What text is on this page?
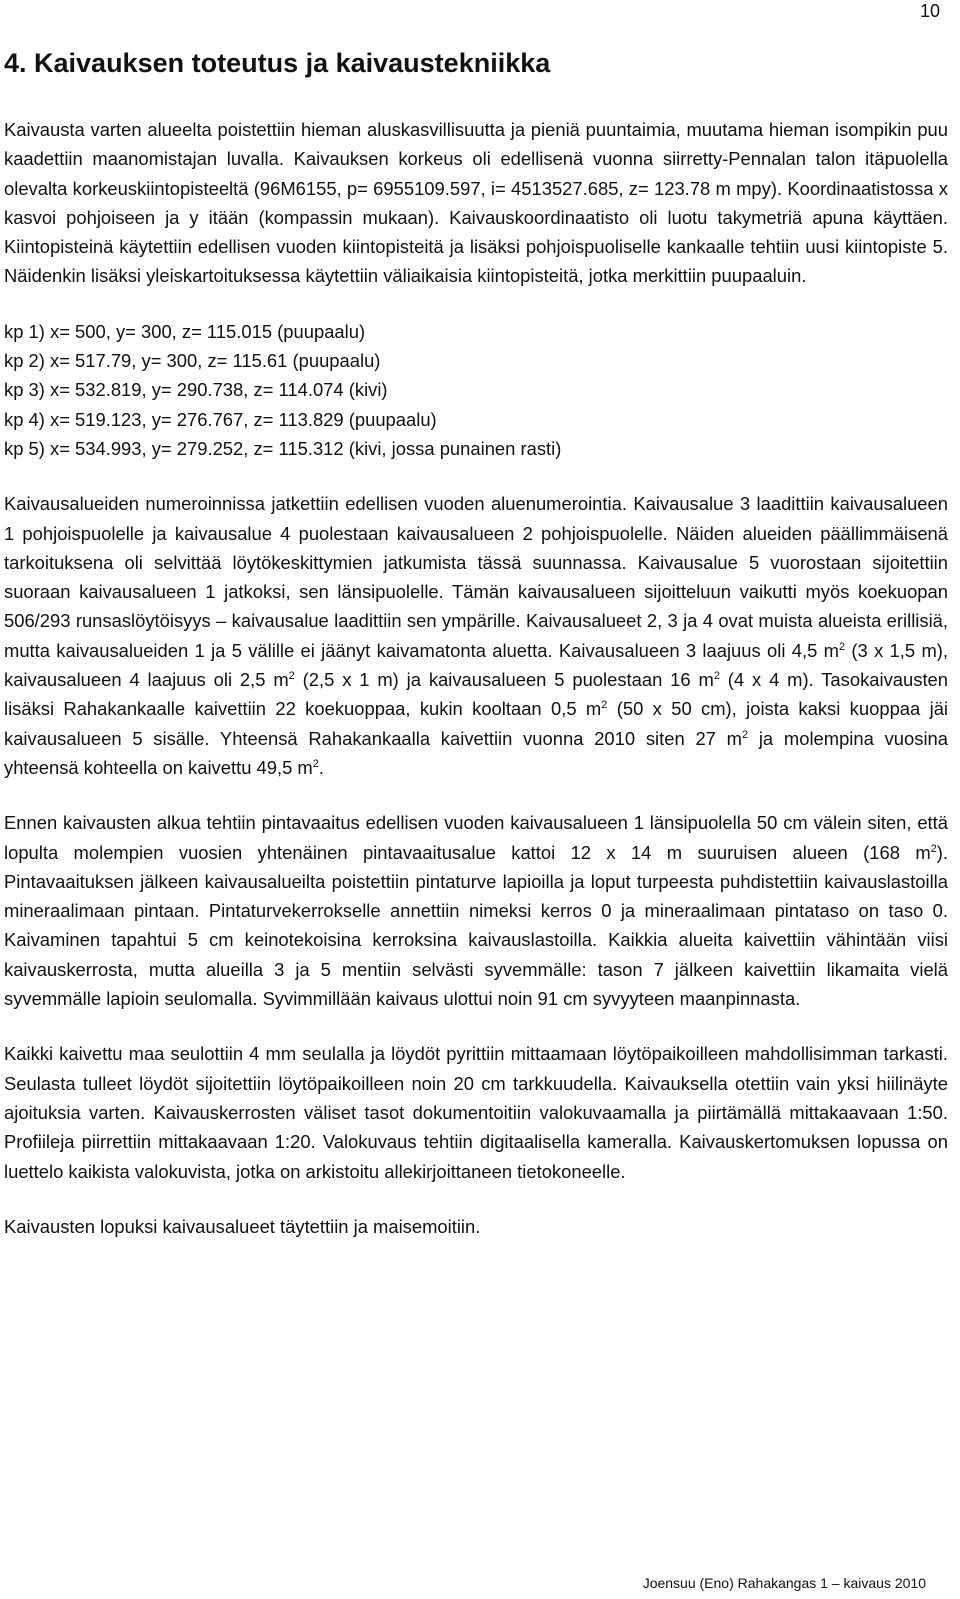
10
4. Kaivauksen toteutus ja kaivaustekniikka

Kaivausta varten alueelta poistettiin hieman aluskasvillisuutta ja pieniä puuntaimia, muutama hieman isompikin puu kaadettiin maanomistajan luvalla. Kaivauksen korkeus oli edellisenä vuonna siirretty-Pennalan talon itäpuolella olevalta korkeuskiintopisteeltä (96M6155, p= 6955109.597, i= 4513527.685, z= 123.78 m mpy). Koordinaatistossa x kasvoi pohjoiseen ja y itään (kompassin mukaan). Kaivauskoordinaatisto oli luotu takymetriä apuna käyttäen. Kiintopisteinä käytettiin edellisen vuoden kiintopisteitä ja lisäksi pohjoispuoliselle kankaalle tehtiin uusi kiintopiste 5. Näidenkin lisäksi yleiskartoituksessa käytettiin väliaikaisia kiintopisteitä, jotka merkittiin puupaaluin.

kp 1) x= 500, y= 300, z= 115.015 (puupaalu)
kp 2) x= 517.79, y= 300, z= 115.61 (puupaalu)
kp 3) x= 532.819, y= 290.738, z= 114.074 (kivi)
kp 4) x= 519.123, y= 276.767, z= 113.829 (puupaalu)
kp 5) x= 534.993, y= 279.252, z= 115.312 (kivi, jossa punainen rasti)

Kaivausalueiden numeroinnissa jatkettiin edellisen vuoden aluenumerointia. Kaivausalue 3 laadittiin kaivausalueen 1 pohjoispuolelle ja kaivausalue 4 puolestaan kaivausalueen 2 pohjoispuolelle. Näiden alueiden päällimmäisenä tarkoituksena oli selvittää löytökeskittymien jatkumista tässä suunnassa. Kaivausalue 5 vuorostaan sijoitettiin suoraan kaivausalueen 1 jatkoksi, sen länsipuolelle. Tämän kaivausalueen sijoitteluun vaikutti myös koekuopan 506/293 runsaslöytöisyys – kaivausalue laadittiin sen ympärille. Kaivausalueet 2, 3 ja 4 ovat muista alueista erillisiä, mutta kaivausalueiden 1 ja 5 välille ei jäänyt kaivamatonta aluetta. Kaivausalueen 3 laajuus oli 4,5 $m^2$ (3 x 1,5 m), kaivausalueen 4 laajuus oli 2,5 $m^2$ (2,5 x 1 m) ja kaivausalueen 5 puolestaan 16 $m^2$ (4 x 4 m). Tasokaivausten lisäksi Rahakankaalle kaivettiin 22 koekuoppaa, kukin kooltaan 0,5 $m^2$ (50 x 50 cm), joista kaksi kuoppaa jäi kaivausalueen 5 sisälle. Yhteensä Rahakankaalla kaivettiin vuonna 2010 siten 27 $m^2$ ja molempina vuosina yhteensä kohteella on kaivettu 49,5 $m^2$.

Ennen kaivausten alkua tehtiin pintavaaitus edellisen vuoden kaivausalueen 1 länsipuolella 50 cm välein siten, että lopulta molempien vuosien yhtenäinen pintavaaitusalue kattoi 12 x 14 m suuruisen alueen (168 $m^2$). Pintavaaituksen jälkeen kaivausalueilta poistettiin pintaturve lapioilla ja loput turpeesta puhdistettiin kaivauslastoilla mineraalimaan pintaan. Pintaturvekerrokselle annettiin nimeksi kerros 0 ja mineraalimaan pintataso on taso 0. Kaivaminen tapahtui 5 cm keinotekoisina kerroksina kaivauslastoilla. Kaikkia alueita kaivettiin vähintään viisi kaivauskerrosta, mutta alueilla 3 ja 5 mentiin selvästi syvemmälle: tason 7 jälkeen kaivettiin likamaita vielä syvemmälle lapioin seulomalla. Syvimmillään kaivaus ulottui noin 91 cm syvyyteen maanpinnasta.

Kaikki kaivettu maa seulottiin 4 mm seulalla ja löydöt pyrittiin mittaamaan löytöpaikoilleen mahdollisimman tarkasti. Seulasta tulleet löydöt sijoitettiin löytöpaikoilleen noin 20 cm tarkkuudella. Kaivauksella otettiin vain yksi hiilinäyte ajoituksia varten. Kaivauskerrosten väliset tasot dokumentoitiin valokuvaamalla ja piirtämällä mittakaavaan 1:50. Profiileja piirrettiin mittakaavaan 1:20. Valokuvaus tehtiin digitaalisella kameralla. Kaivauskertomuksen lopussa on luettelo kaikista valokuvista, jotka on arkistoitu allekirjoittaneen tietokoneelle.

Kaivausten lopuksi kaivausalueet täytettiin ja maisemoitiin.

Joensuu (Eno) Rahakangas 1 – kaivaus 2010
